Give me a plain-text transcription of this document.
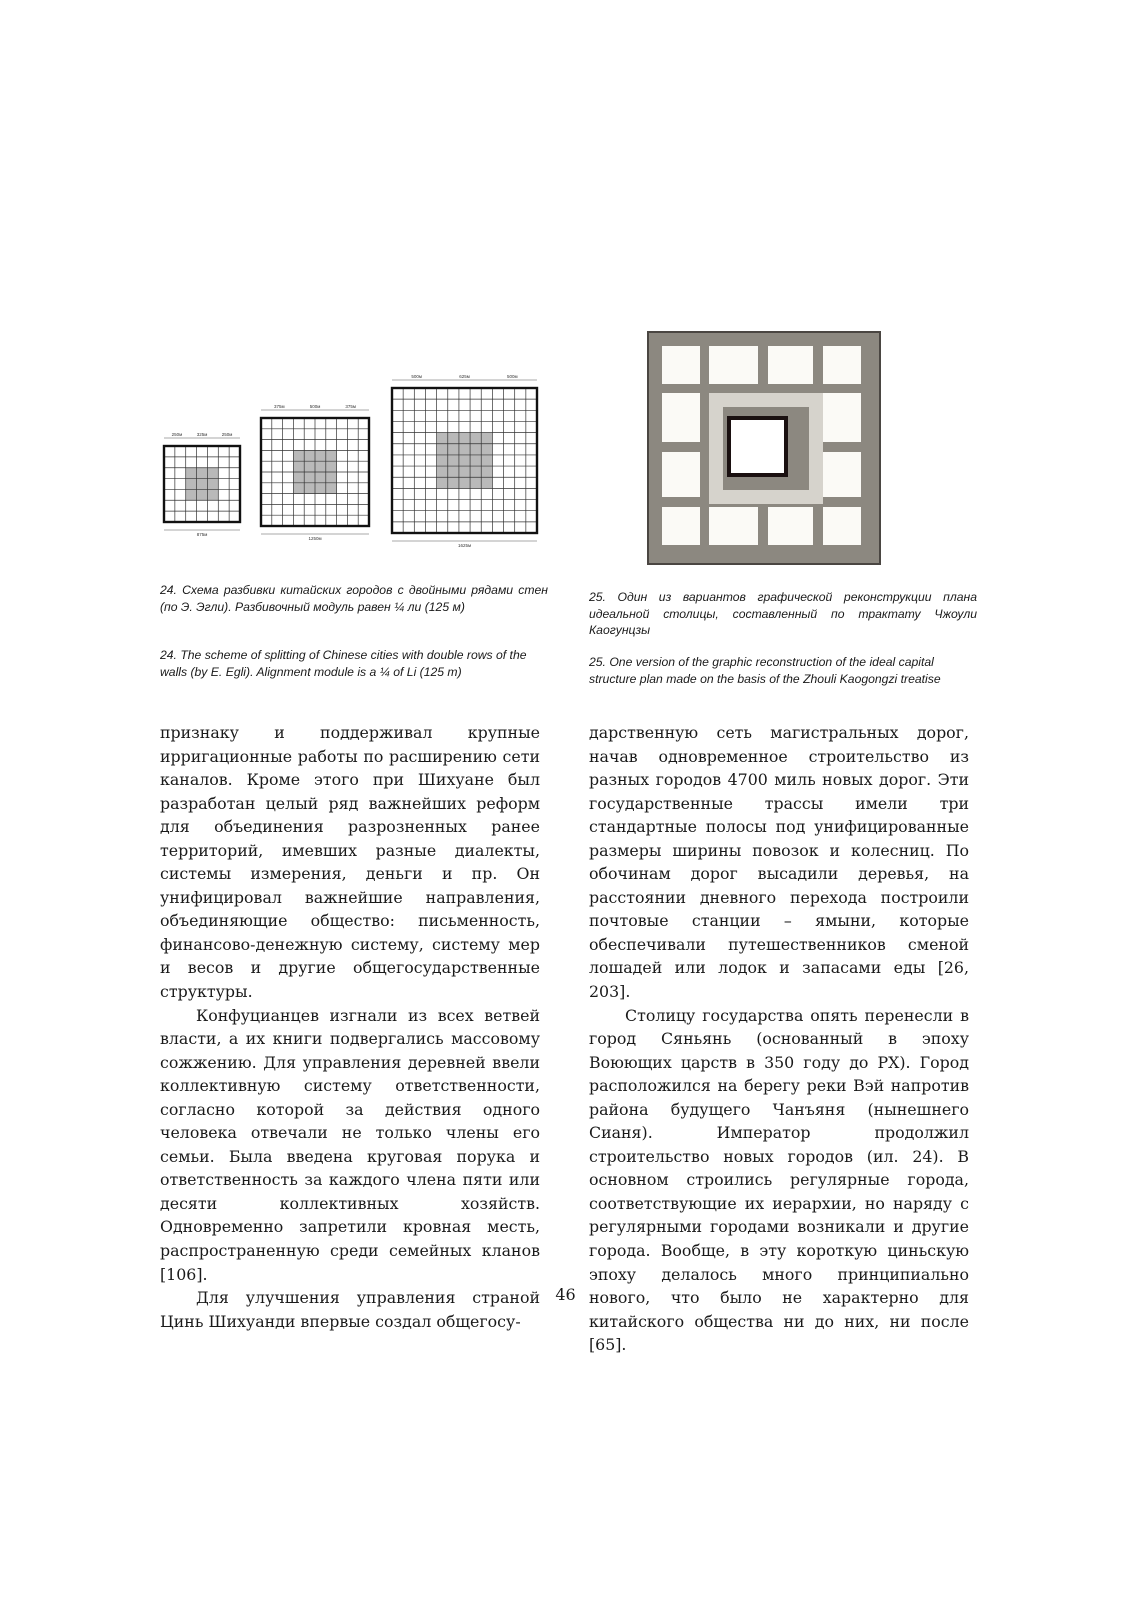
250м	325м	250м
875м
375м	500м	375м
1250м
500м	625м	500м
1625м
24. Схема разбивки китайских городов с двойными рядами стен (по Э. Эгли). Разбивочный модуль равен ¼ ли (125 м)
24. The scheme of splitting of Chinese cities with double rows of the walls (by E. Egli). Alignment module is a ¼ of Li (125 m)
25. Один из вариантов графической реконструкции плана идеальной столицы, составленный по трактату Чжоули Каогунцзы
25. One version of the graphic reconstruction of the ideal capital structure plan made on the basis of the Zhouli Kaogongzi treatise

признаку и поддерживал крупные ирригационные работы по расширению сети каналов. Кроме этого при Шихуане был разработан целый ряд важнейших реформ для объединения разрозненных ранее территорий, имевших разные диалекты, системы измерения, деньги и пр. Он унифицировал важнейшие направления, объединяющие общество: письменность, финансово-денежную систему, систему мер и весов и другие общегосударственные структуры.

Конфуцианцев изгнали из всех ветвей власти, а их книги подвергались массовому сожжению. Для управления деревней ввели коллективную систему ответственности, согласно которой за действия одного человека отвечали не только члены его семьи. Была введена круговая порука и ответственность за каждого члена пяти или десяти коллективных хозяйств. Одновременно запретили кровная месть, распространенную среди семейных кланов [106].

Для улучшения управления страной Цинь Шихуанди впервые создал общегосу-

дарственную сеть магистральных дорог, начав одновременное строительство из разных городов 4700 миль новых дорог. Эти государственные трассы имели три стандартные полосы под унифицированные размеры ширины повозок и колесниц. По обочинам дорог высадили деревья, на расстоянии дневного перехода построили почтовые станции – ямыни, которые обеспечивали путешественников сменой лошадей или лодок и запасами еды [26, 203].

Столицу государства опять перенесли в город Сяньянь (основанный в эпоху Воюющих царств в 350 году до РХ). Город расположился на берегу реки Вэй напротив района будущего Чанъяня (нынешнего Сианя). Император продолжил строительство новых городов (ил. 24). В основном строились регулярные города, соответствующие их иерархии, но наряду с регулярными городами возникали и другие города. Вообще, в эту короткую циньскую эпоху делалось много принципиально нового, что было не характерно для китайского общества ни до них, ни после [65].

46
